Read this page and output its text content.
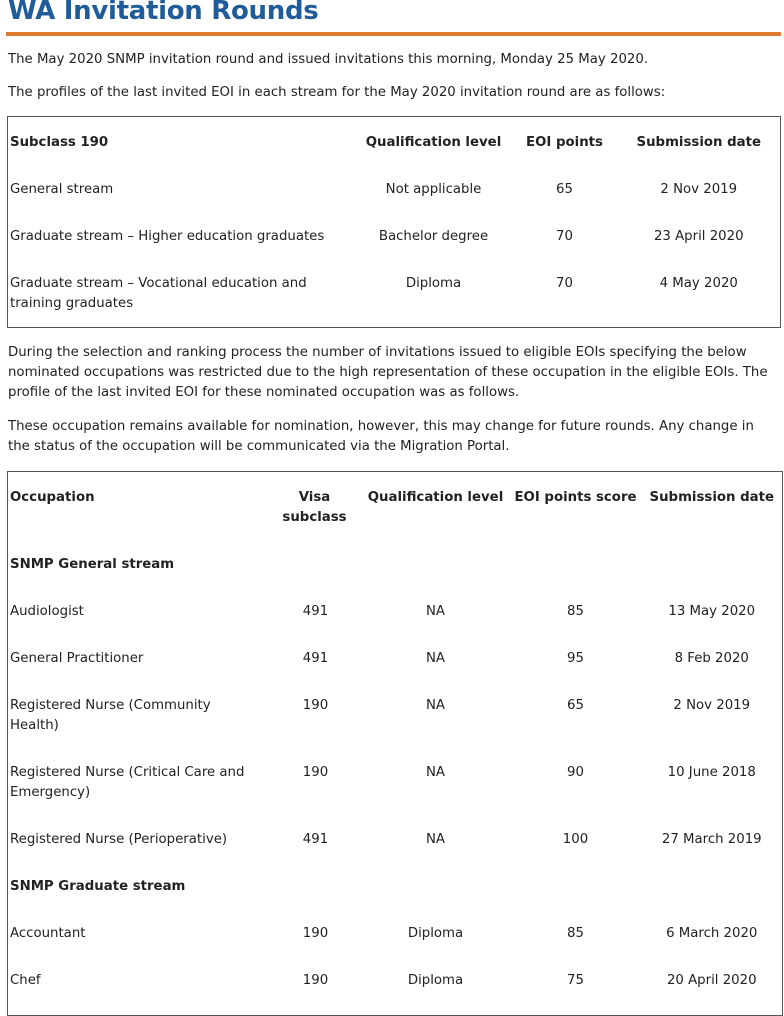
WA Invitation Rounds

The May 2020 SNMP invitation round and issued invitations this morning, Monday 25 May 2020.

The profiles of the last invited EOI in each stream for the May 2020 invitation round are as follows:

Subclass 190	Qualification level	EOI points	Submission date
General stream	Not applicable	65	2 Nov 2019
Graduate stream – Higher education graduates	Bachelor degree	70	23 April 2020
Graduate stream – Vocational education and training graduates	Diploma	70	4 May 2020

During the selection and ranking process the number of invitations issued to eligible EOIs specifying the below nominated occupations was restricted due to the high representation of these occupation in the eligible EOIs. The profile of the last invited EOI for these nominated occupation was as follows.

These occupation remains available for nomination, however, this may change for future rounds. Any change in the status of the occupation will be communicated via the Migration Portal.

Occupation	Visa subclass	Qualification level	EOI points score	Submission date
SNMP General stream				
Audiologist	491	NA	85	13 May 2020
General Practitioner	491	NA	95	8 Feb 2020
Registered Nurse (Community Health)	190	NA	65	2 Nov 2019
Registered Nurse (Critical Care and Emergency)	190	NA	90	10 June 2018
Registered Nurse (Perioperative)	491	NA	100	27 March 2019
SNMP Graduate stream				
Accountant	190	Diploma	85	6 March 2020
Chef	190	Diploma	75	20 April 2020
